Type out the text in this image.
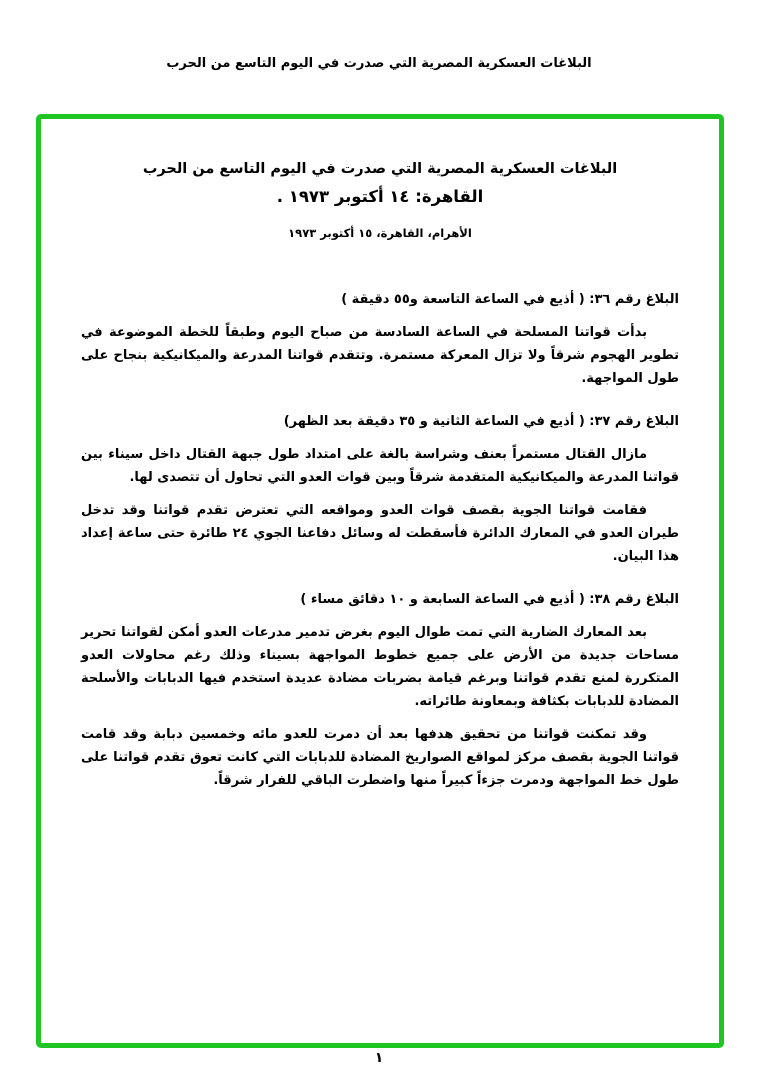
البلاغات العسكرية المصرية التي صدرت في اليوم التاسع من الحرب
البلاغات العسكرية المصرية التي صدرت في اليوم التاسع من الحرب
القاهرة: ١٤ أكتوبر ١٩٧٣ .
الأهرام، القاهرة، ١٥ أكتوبر ١٩٧٣
البلاغ رقم ٣٦: ( أذيع في الساعة التاسعة و٥٥ دقيقة )
بدأت قواتنا المسلحة في الساعة السادسة من صباح اليوم وطبقاً للخطة الموضوعة في تطوير الهجوم شرقاً ولا تزال المعركة مستمرة. وتتقدم قواتنا المدرعة والميكانيكية بنجاح على طول المواجهة.
البلاغ رقم ٣٧: ( أذيع في الساعة الثانية و ٣٥ دقيقة بعد الظهر)
مازال القتال مستمراً بعنف وشراسة بالغة على امتداد طول جبهة القتال داخل سيناء بين قواتنا المدرعة والميكانيكية المتقدمة شرقاً وبين قوات العدو التي تحاول أن تتصدى لها.
فقامت قواتنا الجوية بقصف قوات العدو ومواقعه التي تعترض تقدم قواتنا وقد تدخل طيران العدو في المعارك الدائرة فأسقطت له وسائل دفاعنا الجوي ٢٤ طائرة حتى ساعة إعداد هذا البيان.
البلاغ رقم ٣٨: ( أذيع في الساعة السابعة و ١٠ دقائق مساء )
بعد المعارك الضارية التي تمت طوال اليوم بغرض تدمير مدرعات العدو أمكن لقواتنا تحرير مساحات جديدة من الأرض على جميع خطوط المواجهة بسيناء وذلك رغم محاولات العدو المتكررة لمنع تقدم قواتنا وبرغم قيامة بضربات مضادة عديدة استخدم فيها الدبابات والأسلحة المضادة للدبابات بكثافة وبمعاونة طائراته.
وقد تمكنت قواتنا من تحقيق هدفها بعد أن دمرت للعدو مائه وخمسين دبابة وقد قامت قواتنا الجوية بقصف مركز لمواقع الصواريخ المضادة للدبابات التي كانت تعوق تقدم قواتنا على طول خط المواجهة ودمرت جزءاً كبيراً منها واضطرت الباقي للفرار شرقاً.
١
